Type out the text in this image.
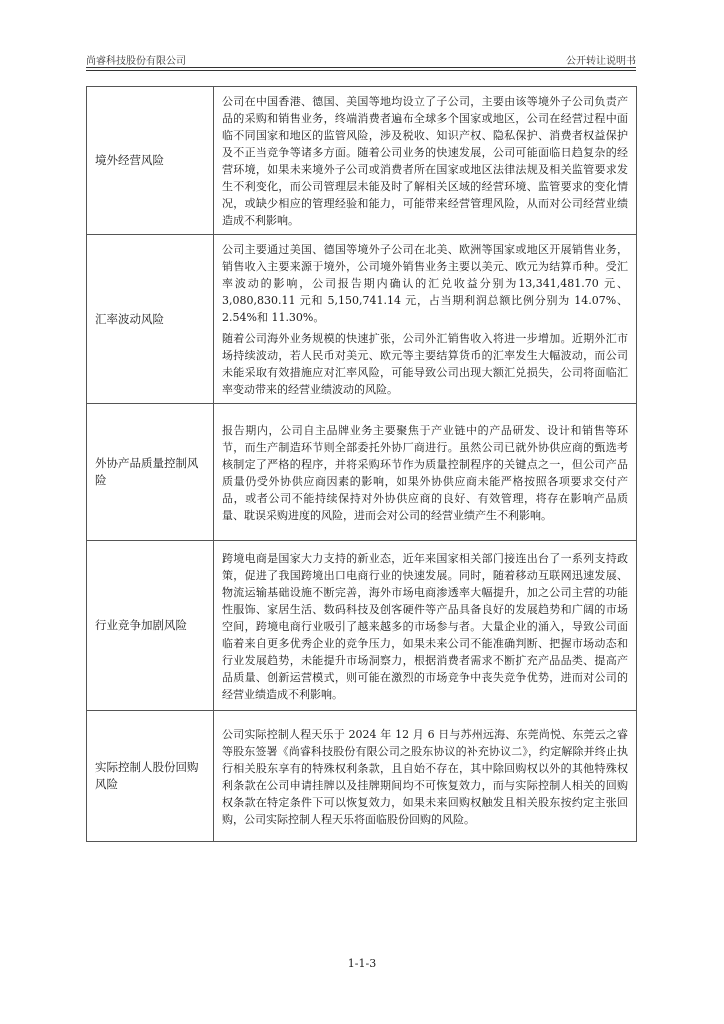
尚睿科技股份有限公司	公开转让说明书
境外经营风险	公司在中国香港、德国、美国等地均设立了子公司，主要由该等境外子公司负责产品的采购和销售业务，终端消费者遍布全球多个国家或地区，公司在经营过程中面临不同国家和地区的监管风险，涉及税收、知识产权、隐私保护、消费者权益保护及不正当竞争等诸多方面。随着公司业务的快速发展，公司可能面临日趋复杂的经营环境，如果未来境外子公司或消费者所在国家或地区法律法规及相关监管要求发生不利变化，而公司管理层未能及时了解相关区域的经营环境、监管要求的变化情况，或缺少相应的管理经验和能力，可能带来经营管理风险，从而对公司经营业绩造成不利影响。

汇率波动风险	公司主要通过美国、德国等境外子公司在北美、欧洲等国家或地区开展销售业务，销售收入主要来源于境外，公司境外销售业务主要以美元、欧元为结算币种。受汇率波动的影响，公司报告期内确认的汇兑收益分别为13,341,481.70 元、3,080,830.11 元和 5,150,741.14 元，占当期利润总额比例分别为 14.07%、2.54%和 11.30%。

随着公司海外业务规模的快速扩张，公司外汇销售收入将进一步增加。近期外汇市场持续波动，若人民币对美元、欧元等主要结算货币的汇率发生大幅波动，而公司未能采取有效措施应对汇率风险，可能导致公司出现大额汇兑损失，公司将面临汇率变动带来的经营业绩波动的风险。

外协产品质量控制风险	报告期内，公司自主品牌业务主要聚焦于产业链中的产品研发、设计和销售等环节，而生产制造环节则全部委托外协厂商进行。虽然公司已就外协供应商的甄选考核制定了严格的程序，并将采购环节作为质量控制程序的关键点之一，但公司产品质量仍受外协供应商因素的影响，如果外协供应商未能严格按照各项要求交付产品，或者公司不能持续保持对外协供应商的良好、有效管理，将存在影响产品质量、耽误采购进度的风险，进而会对公司的经营业绩产生不利影响。

行业竞争加剧风险	跨境电商是国家大力支持的新业态，近年来国家相关部门接连出台了一系列支持政策，促进了我国跨境出口电商行业的快速发展。同时，随着移动互联网迅速发展、物流运输基础设施不断完善，海外市场电商渗透率大幅提升，加之公司主营的功能性服饰、家居生活、数码科技及创客硬件等产品具备良好的发展趋势和广阔的市场空间，跨境电商行业吸引了越来越多的市场参与者。大量企业的涌入，导致公司面临着来自更多优秀企业的竞争压力，如果未来公司不能准确判断、把握市场动态和行业发展趋势，未能提升市场洞察力，根据消费者需求不断扩充产品品类、提高产品质量、创新运营模式，则可能在激烈的市场竞争中丧失竞争优势，进而对公司的经营业绩造成不利影响。

实际控制人股份回购风险	公司实际控制人程天乐于 2024 年 12 月 6 日与苏州远海、东莞尚悦、东莞云之睿等股东签署《尚睿科技股份有限公司之股东协议的补充协议二》，约定解除并终止执行相关股东享有的特殊权利条款，且自始不存在，其中除回购权以外的其他特殊权利条款在公司申请挂牌以及挂牌期间均不可恢复效力，而与实际控制人相关的回购权条款在特定条件下可以恢复效力，如果未来回购权触发且相关股东按约定主张回购，公司实际控制人程天乐将面临股份回购的风险。

1-1-3
